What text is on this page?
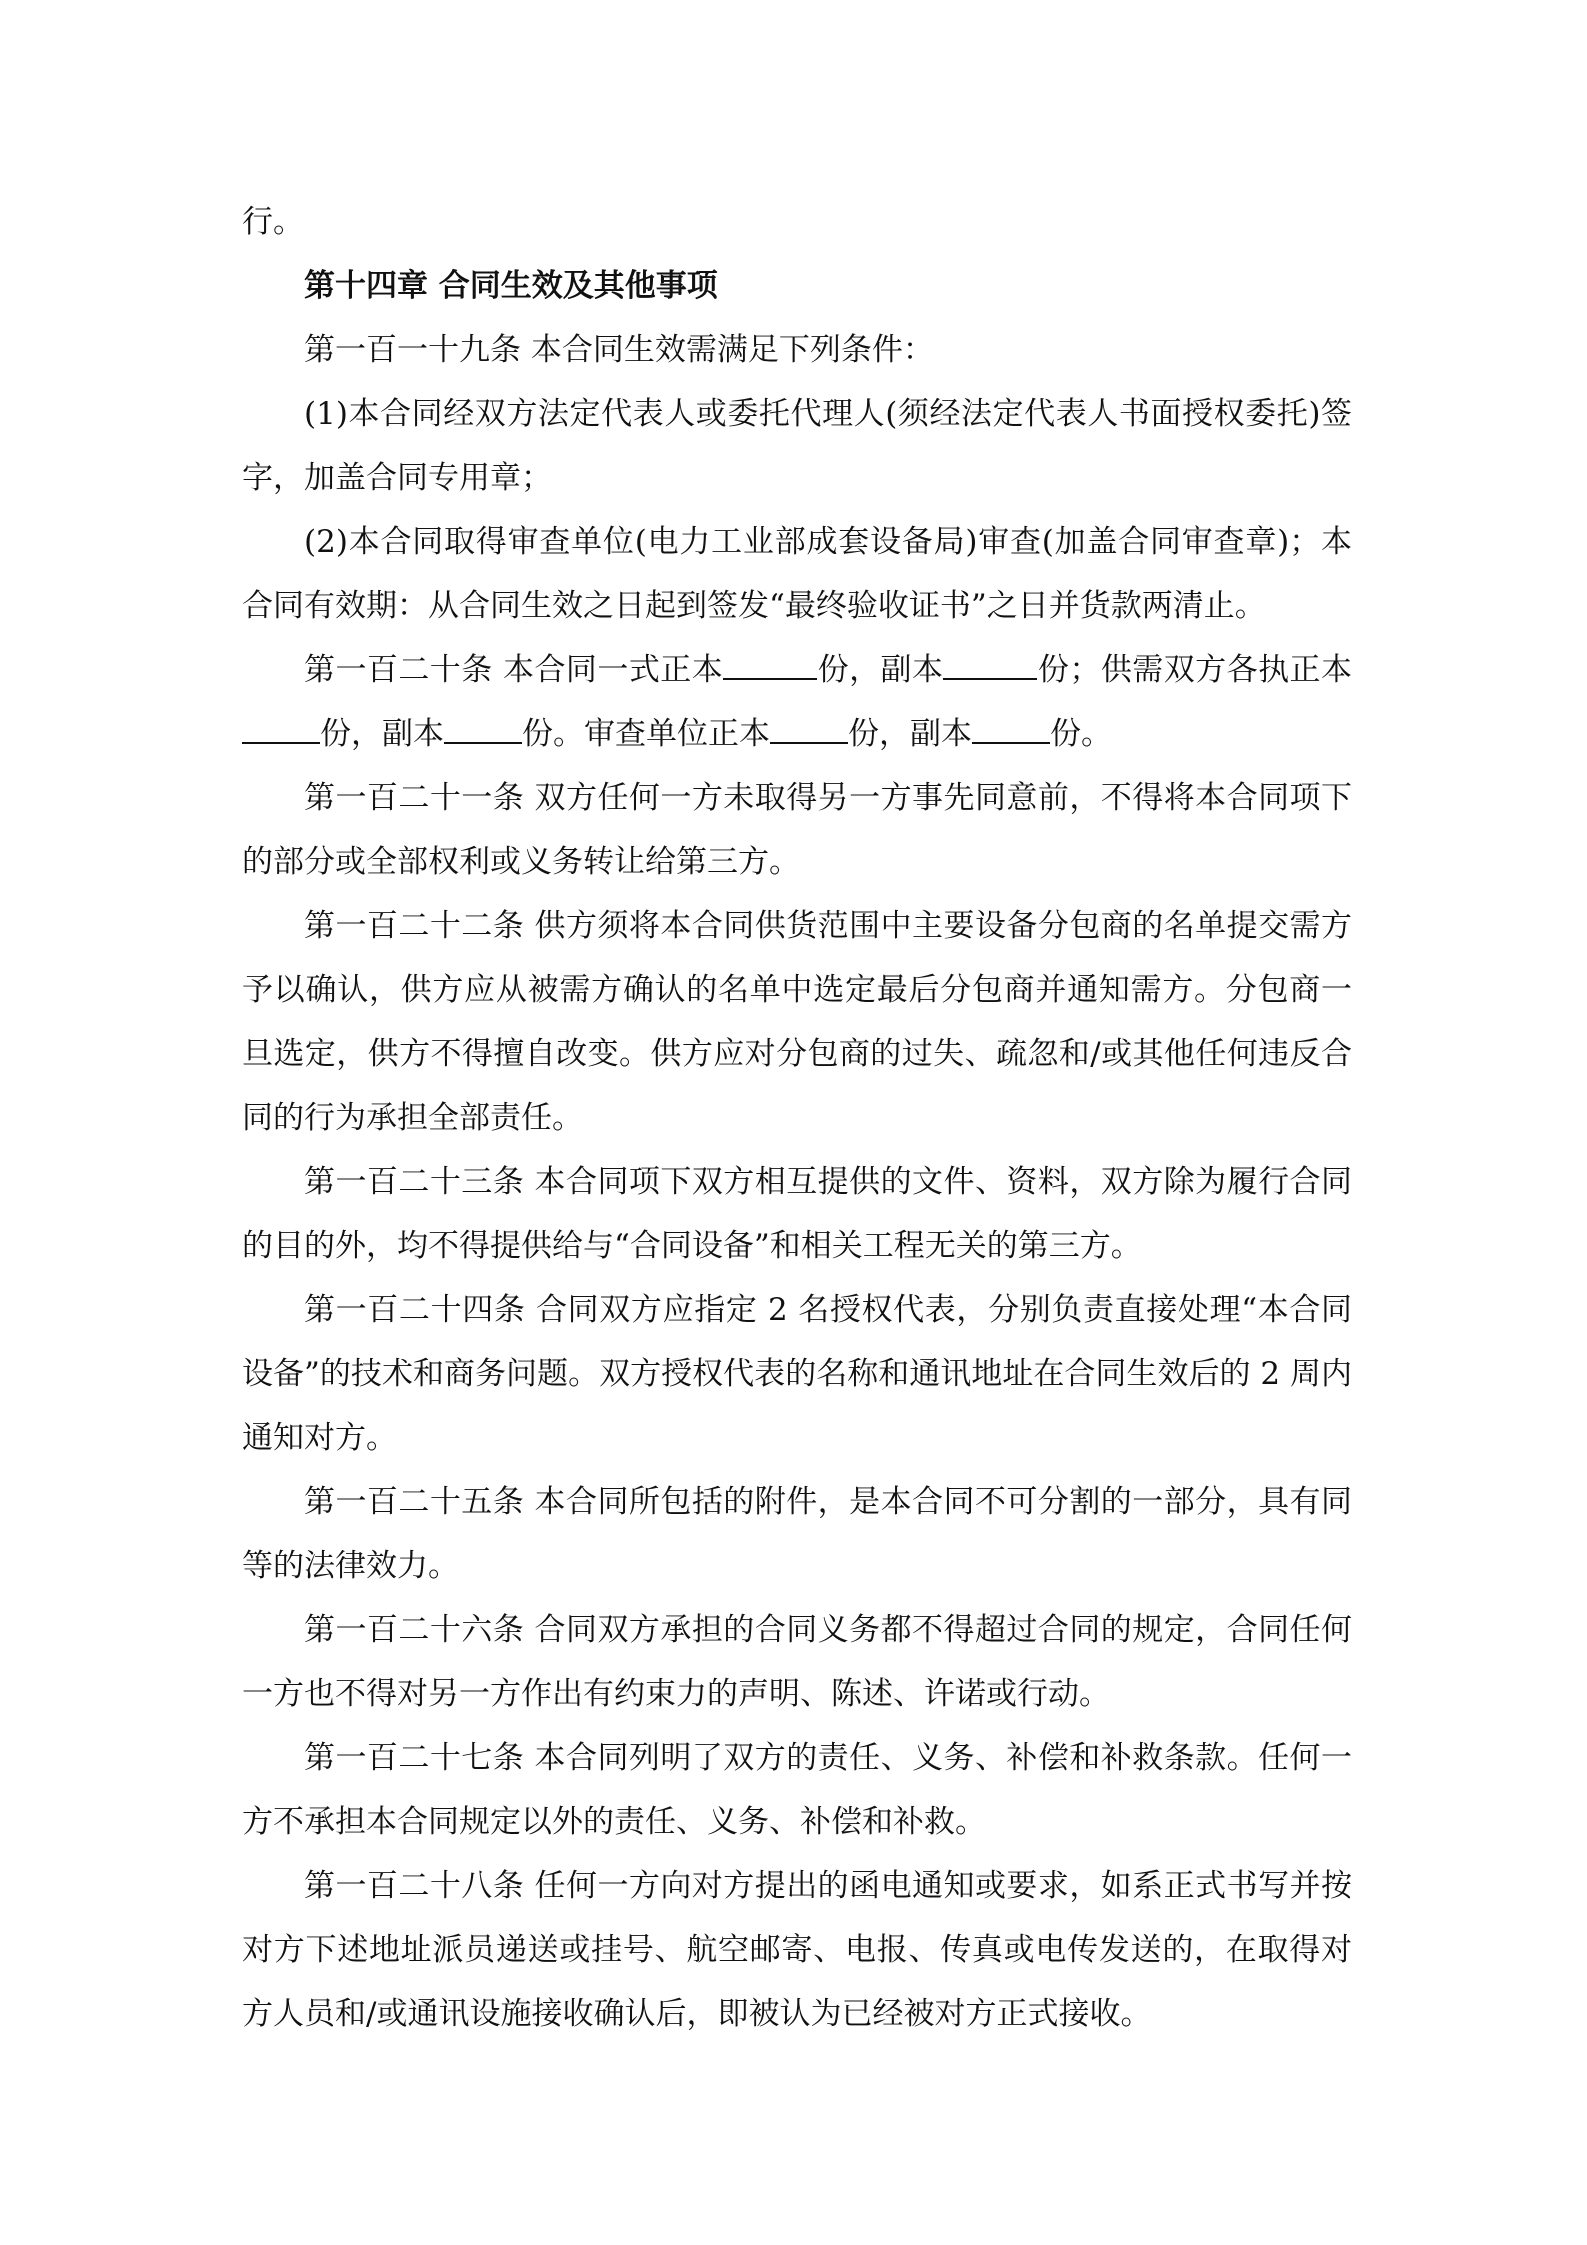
行。

第十四章 合同生效及其他事项

第一百一十九条 本合同生效需满足下列条件：

(1)本合同经双方法定代表人或委托代理人(须经法定代表人书面授权委托)签字，加盖合同专用章；

(2)本合同取得审查单位(电力工业部成套设备局)审查(加盖合同审查章)；本合同有效期：从合同生效之日起到签发“最终验收证书”之日并货款两清止。

第一百二十条 本合同一式正本	份，副本	份；供需双方各执正本份，副本	份。审查单位正本	份，副本	份。

第一百二十一条 双方任何一方未取得另一方事先同意前，不得将本合同项下的部分或全部权利或义务转让给第三方。

第一百二十二条 供方须将本合同供货范围中主要设备分包商的名单提交需方予以确认，供方应从被需方确认的名单中选定最后分包商并通知需方。分包商一旦选定，供方不得擅自改变。供方应对分包商的过失、疏忽和/或其他任何违反合同的行为承担全部责任。

第一百二十三条 本合同项下双方相互提供的文件、资料，双方除为履行合同的目的外，均不得提供给与“合同设备”和相关工程无关的第三方。

第一百二十四条 合同双方应指定 2 名授权代表，分别负责直接处理“本合同设备”的技术和商务问题。双方授权代表的名称和通讯地址在合同生效后的 2 周内通知对方。

第一百二十五条 本合同所包括的附件，是本合同不可分割的一部分，具有同等的法律效力。

第一百二十六条 合同双方承担的合同义务都不得超过合同的规定，合同任何一方也不得对另一方作出有约束力的声明、陈述、许诺或行动。

第一百二十七条 本合同列明了双方的责任、义务、补偿和补救条款。任何一方不承担本合同规定以外的责任、义务、补偿和补救。

第一百二十八条 任何一方向对方提出的函电通知或要求，如系正式书写并按对方下述地址派员递送或挂号、航空邮寄、电报、传真或电传发送的，在取得对方人员和/或通讯设施接收确认后，即被认为已经被对方正式接收。
